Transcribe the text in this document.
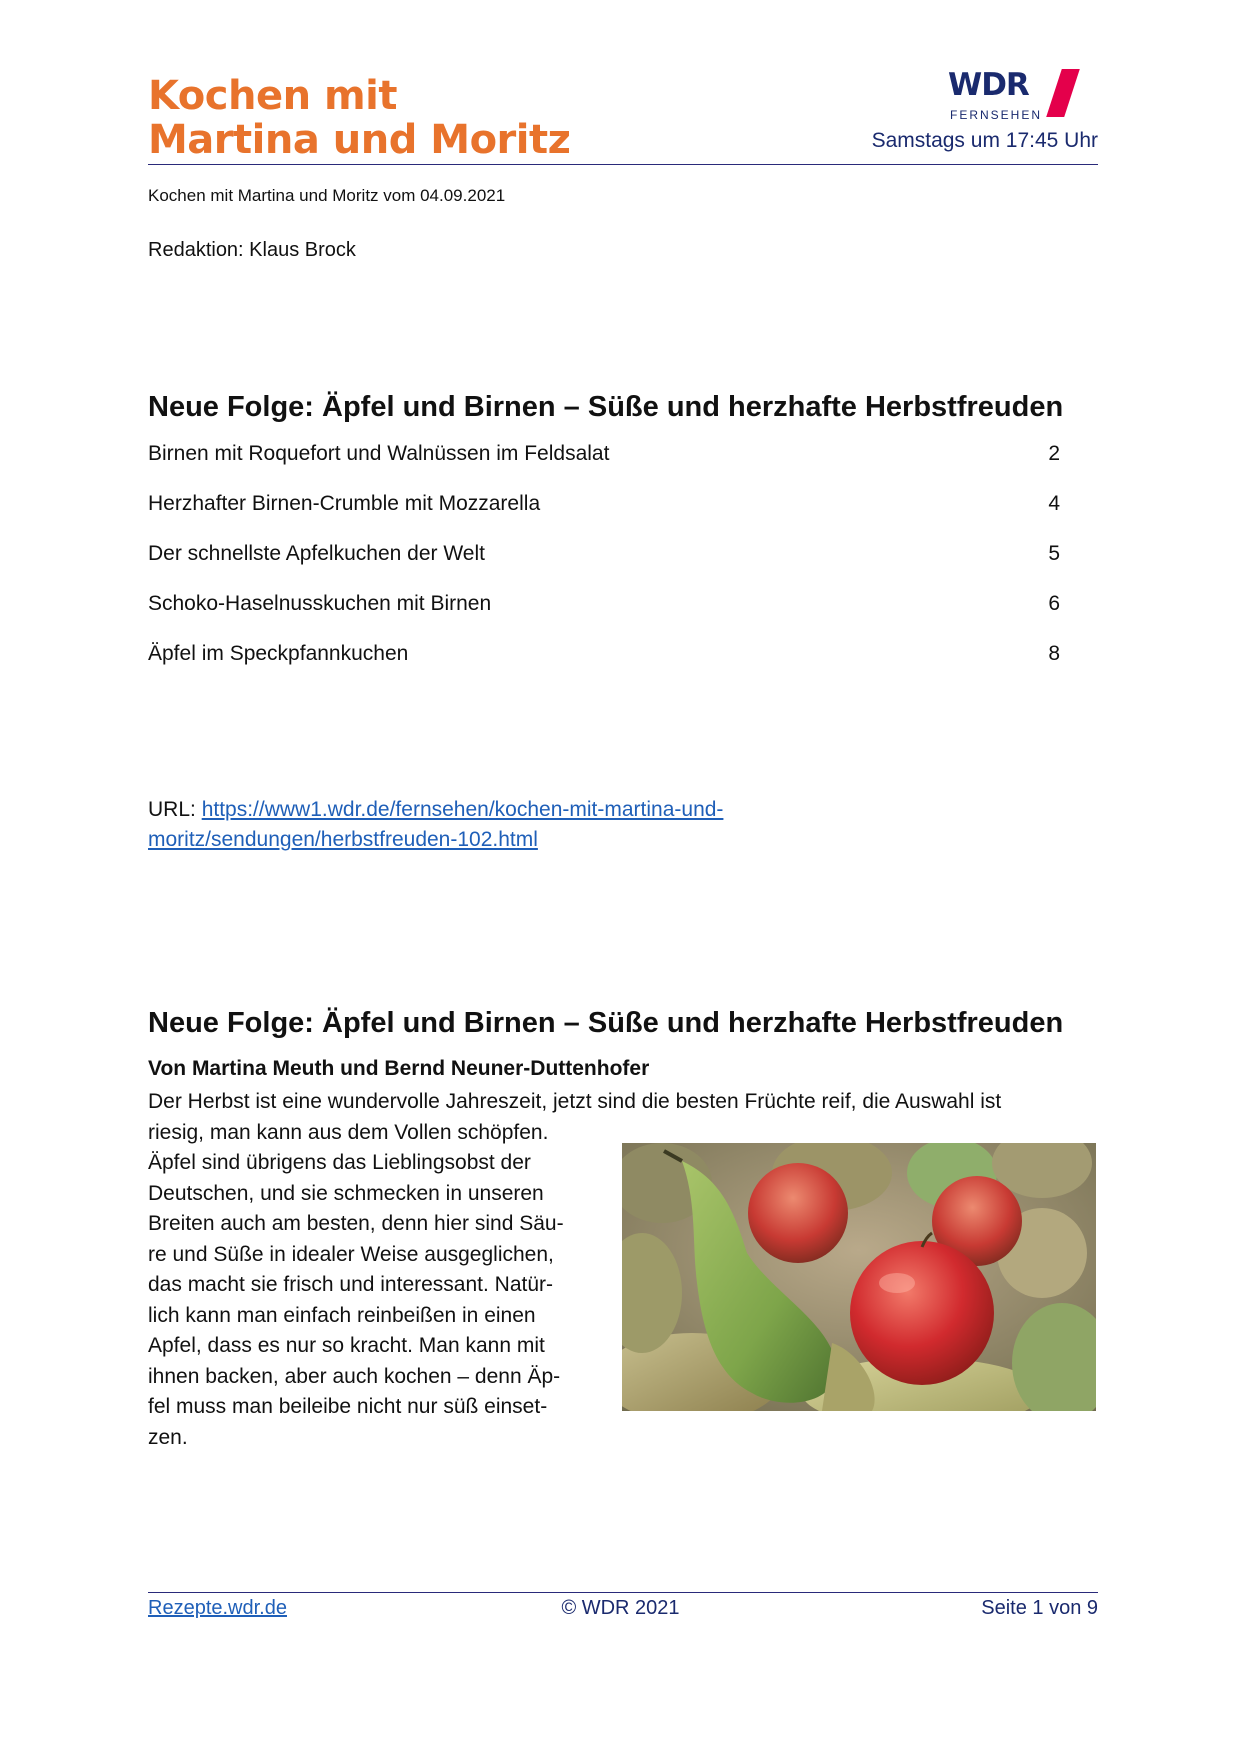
Kochen mit
Martina und Moritz
WDR
FERNSEHEN
Samstags um 17:45 Uhr
Kochen mit Martina und Moritz vom 04.09.2021
Redaktion: Klaus Brock
Neue Folge: Äpfel und Birnen – Süße und herzhafte Herbstfreuden
Birnen mit Roquefort und Walnüssen im Feldsalat	2
Herzhafter Birnen-Crumble mit Mozzarella	4
Der schnellste Apfelkuchen der Welt	5
Schoko-Haselnusskuchen mit Birnen	6
Äpfel im Speckpfannkuchen	8
URL: https://www1.wdr.de/fernsehen/kochen-mit-martina-und-
moritz/sendungen/herbstfreuden-102.html
Neue Folge: Äpfel und Birnen – Süße und herzhafte Herbstfreuden
Von Martina Meuth und Bernd Neuner-Duttenhofer
Der Herbst ist eine wundervolle Jahreszeit, jetzt sind die besten Früchte reif, die Auswahl ist
riesig, man kann aus dem Vollen schöpfen.
Äpfel sind übrigens das Lieblingsobst der
Deutschen, und sie schmecken in unseren
Breiten auch am besten, denn hier sind Säu-
re und Süße in idealer Weise ausgeglichen,
das macht sie frisch und interessant. Natür-
lich kann man einfach reinbeißen in einen
Apfel, dass es nur so kracht. Man kann mit
ihnen backen, aber auch kochen – denn Äp-
fel muss man beileibe nicht nur süß einset-
zen.
Rezepte.wdr.de	© WDR 2021	Seite 1 von 9
